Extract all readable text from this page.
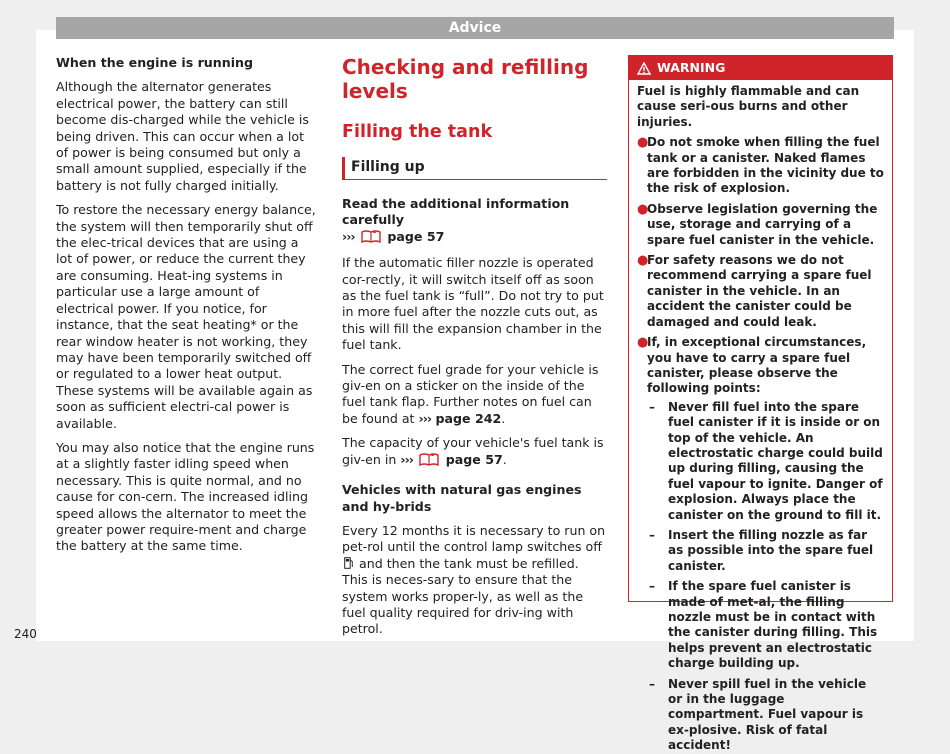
Advice

When the engine is running

Although the alternator generates electrical power, the battery can still become dis-charged while the vehicle is being driven. This can occur when a lot of power is being consumed but only a small amount supplied, especially if the battery is not fully charged initially.

To restore the necessary energy balance, the system will then temporarily shut off the elec-trical devices that are using a lot of power, or reduce the current they are consuming. Heat-ing systems in particular use a large amount of electrical power. If you notice, for instance, that the seat heating* or the rear window heater is not working, they may have been temporarily switched off or regulated to a lower heat output. These systems will be available again as soon as sufficient electri-cal power is available.

You may also notice that the engine runs at a slightly faster idling speed when necessary. This is quite normal, and no cause for con-cern. The increased idling speed allows the alternator to meet the greater power require-ment and charge the battery at the same time.

Checking and refilling levels
Filling the tank
Filling up

Read the additional information carefully

›››	page 57

If the automatic filler nozzle is operated cor-rectly, it will switch itself off as soon as the fuel tank is “full”. Do not try to put in more fuel after the nozzle cuts out, as this will fill the expansion chamber in the fuel tank.

The correct fuel grade for your vehicle is giv-en on a sticker on the inside of the fuel tank flap. Further notes on fuel can be found at ››› page 242.

The capacity of your vehicle's fuel tank is giv-en in ›››	page 57.

Vehicles with natural gas engines and hy-brids

Every 12 months it is necessary to run on pet-rol until the control lamp switches off  and then the tank must be refilled. This is neces-sary to ensure that the system works proper-ly, as well as the fuel quality required for driv-ing with petrol.

WARNING

Fuel is highly flammable and can cause seri-ous burns and other injuries.

●
Do not smoke when filling the fuel tank or a canister. Naked flames are forbidden in the vicinity due to the risk of explosion.
●
Observe legislation governing the use, storage and carrying of a spare fuel canister in the vehicle.
●
For safety reasons we do not recommend carrying a spare fuel canister in the vehicle. In an accident the canister could be damaged and could leak.
●
If, in exceptional circumstances, you have to carry a spare fuel canister, please observe the following points:
–	Never fill fuel into the spare fuel canister if it is inside or on top of the vehicle. An electrostatic charge could build up during filling, causing the fuel vapour to ignite. Danger of explosion. Always place the canister on the ground to fill it.
–	Insert the filling nozzle as far as possible into the spare fuel canister.
–	If the spare fuel canister is made of met-al, the filling nozzle must be in contact with the canister during filling. This helps prevent an electrostatic charge building up.
–	Never spill fuel in the vehicle or in the luggage compartment. Fuel vapour is ex-plosive. Risk of fatal accident!
240
